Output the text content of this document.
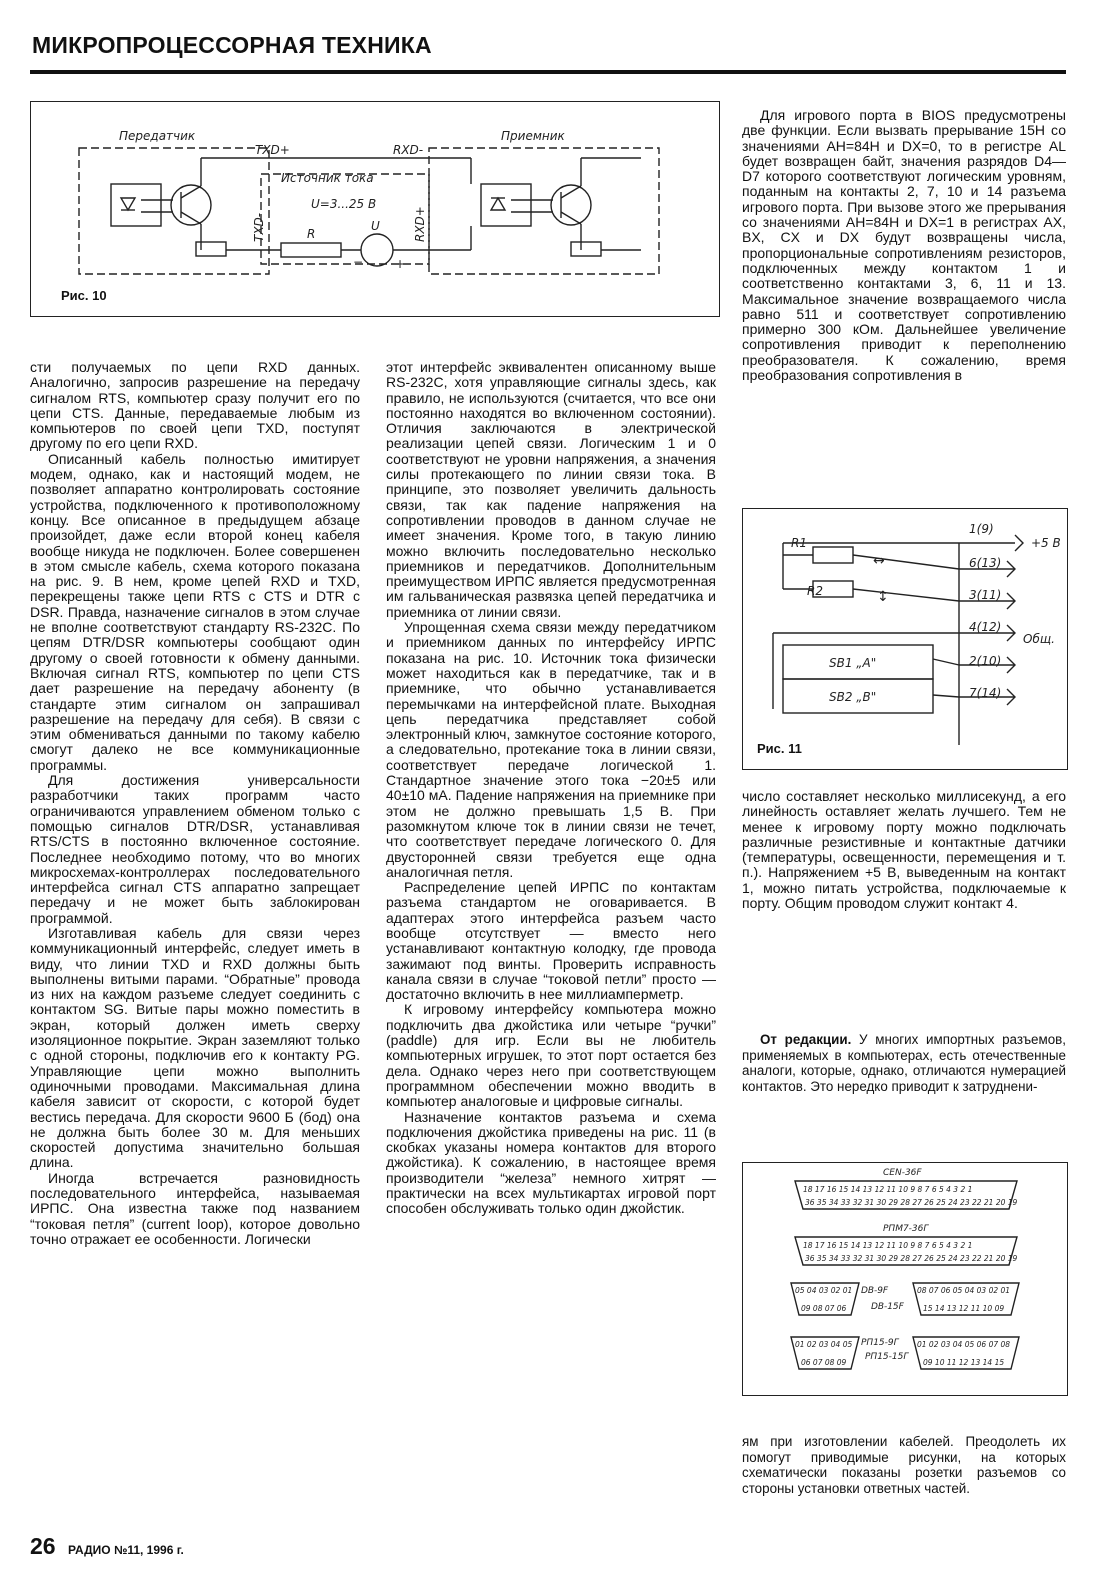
МИКРОПРОЦЕССОРНАЯ ТЕХНИКА
Передатчик	Приемник
Источник тока
U=3...25 В
TXD+	RXD-
TXD-	RXD+
R
U
−	+
Рис. 10
1(9)
6(13)
3(11)
4(12)
2(10)
7(14)
+5 В
Общ.
R1
R2
SB1 „A"
SB2 „B"
↔
↕
Рис. 11
CEN-36F
18 17 16 15 14 13 12 11 10 9 8 7 6 5 4 3 2 1
36 35 34 33 32 31 30 29 28 27 26 25 24 23 22 21 20 19
РПМ7-36Г
18 17 16 15 14 13 12 11 10 9 8 7 6 5 4 3 2 1
36 35 34 33 32 31 30 29 28 27 26 25 24 23 22 21 20 19
DB-9F
05 04 03 02 01
09 08 07 06	DB-15F
08 07 06 05 04 03 02 01
15 14 13 12 11 10 09
РП15-9Г
01 02 03 04 05
06 07 08 09
РП15-15Г
01 02 03 04 05 06 07 08
09 10 11 12 13 14 15

сти получаемых по цепи RXD данных. Аналогично, запросив разрешение на передачу сигналом RTS, компьютер сразу получит его по цепи CTS. Данные, передаваемые любым из компьютеров по своей цепи TXD, поступят другому по его цепи RXD.

Описанный кабель полностью имитирует модем, однако, как и настоящий модем, не позволяет аппаратно контролировать состояние устройства, подключенного к противоположному концу. Все описанное в предыдущем абзаце произойдет, даже если второй конец кабеля вообще никуда не подключен. Более совершенен в этом смысле кабель, схема которого показана на рис. 9. В нем, кроме цепей RXD и TXD, перекрещены также цепи RTS с CTS и DTR с DSR. Правда, назначение сигналов в этом случае не вполне соответствуют стандарту RS-232C. По цепям DTR/DSR компьютеры сообщают один другому о своей готовности к обмену данными. Включая сигнал RTS, компьютер по цепи CTS дает разрешение на передачу абоненту (в стандарте этим сигналом он запрашивал разрешение на передачу для себя). В связи с этим обмениваться данными по такому кабелю смогут далеко не все коммуникационные программы.

Для достижения универсальности разработчики таких программ часто ограничиваются управлением обменом только с помощью сигналов DTR/DSR, устанавливая RTS/CTS в постоянно включенное состояние. Последнее необходимо потому, что во многих микросхемах-контроллерах последовательного интерфейса сигнал CTS аппаратно запрещает передачу и не может быть заблокирован программой.

Изготавливая кабель для связи через коммуникационный интерфейс, следует иметь в виду, что линии TXD и RXD должны быть выполнены витыми парами. “Обратные” провода из них на каждом разъеме следует соединить с контактом SG. Витые пары можно поместить в экран, который должен иметь сверху изоляционное покрытие. Экран заземляют только с одной стороны, подключив его к контакту PG. Управляющие цепи можно выполнить одиночными проводами. Максимальная длина кабеля зависит от скорости, с которой будет вестись передача. Для скорости 9600 Б (бод) она не должна быть более 30 м. Для меньших скоростей допустима значительно большая длина.

Иногда встречается разновидность последовательного интерфейса, называемая ИРПС. Она известна также под названием “токовая петля” (current loop), которое довольно точно отражает ее особенности. Логически

этот интерфейс эквивалентен описанному выше RS-232C, хотя управляющие сигналы здесь, как правило, не используются (считается, что все они постоянно находятся во включенном состоянии). Отличия заключаются в электрической реализации цепей связи. Логическим 1 и 0 соответствуют не уровни напряжения, а значения силы протекающего по линии связи тока. В принципе, это позволяет увеличить дальность связи, так как падение напряжения на сопротивлении проводов в данном случае не имеет значения. Кроме того, в такую линию можно включить последовательно несколько приемников и передатчиков. Дополнительным преимуществом ИРПС является предусмотренная им гальваническая развязка цепей передатчика и приемника от линии связи.

Упрощенная схема связи между передатчиком и приемником данных по интерфейсу ИРПС показана на рис. 10. Источник тока физически может находиться как в передатчике, так и в приемнике, что обычно устанавливается перемычками на интерфейсной плате. Выходная цепь передатчика представляет собой электронный ключ, замкнутое состояние которого, а следовательно, протекание тока в линии связи, соответствует передаче логической 1. Стандартное значение этого тока −20±5 или 40±10 мА. Падение напряжения на приемнике при этом не должно превышать 1,5 В. При разомкнутом ключе ток в линии связи не течет, что соответствует передаче логического 0. Для двусторонней связи требуется еще одна аналогичная петля.

Распределение цепей ИРПС по контактам разъема стандартом не оговаривается. В адаптерах этого интерфейса разъем часто вообще отсутствует — вместо него устанавливают контактную колодку, где провода зажимают под винты. Проверить исправность канала связи в случае “токовой петли” просто — достаточно включить в нее миллиамперметр.

К игровому интерфейсу компьютера можно подключить два джойстика или четыре “ручки” (paddle) для игр. Если вы не любитель компьютерных игрушек, то этот порт остается без дела. Однако через него при соответствующем программном обеспечении можно вводить в компьютер аналоговые и цифровые сигналы.

Назначение контактов разъема и схема подключения джойстика приведены на рис. 11 (в скобках указаны номера контактов для второго джойстика). К сожалению, в настоящее время производители “железа” немного хитрят — практически на всех мультикартах игровой порт способен обслуживать только один джойстик.

Для игрового порта в BIOS предусмотрены две функции. Если вызвать прерывание 15H со значениями AH=84H и DX=0, то в регистре AL будет возвращен байт, значения разрядов D4—D7 которого соответствуют логическим уровням, поданным на контакты 2, 7, 10 и 14 разъема игрового порта. При вызове этого же прерывания со значениями AH=84H и DX=1 в регистрах AX, BX, CX и DX будут возвращены числа, пропорциональные сопротивлениям резисторов, подключенных между контактом 1 и соответственно контактами 3, 6, 11 и 13. Максимальное значение возвращаемого числа равно 511 и соответствует сопротивлению примерно 300 кОм. Дальнейшее увеличение сопротивления приводит к переполнению преобразователя. К сожалению, время преобразования сопротивления в

число составляет несколько миллисекунд, а его линейность оставляет желать лучшего. Тем не менее к игровому порту можно подключать различные резистивные и контактные датчики (температуры, освещенности, перемещения и т. п.). Напряжением +5 В, выведенным на контакт 1, можно питать устройства, подключаемые к порту. Общим проводом служит контакт 4.

От редакции. У многих импортных разъемов, применяемых в компьютерах, есть отечественные аналоги, которые, однако, отличаются нумерацией контактов. Это нередко приводит к затруднени-

ям при изготовлении кабелей. Преодолеть их помогут приводимые рисунки, на которых схематически показаны розетки разъемов со стороны установки ответных частей.

26 РАДИО №11, 1996 г.
